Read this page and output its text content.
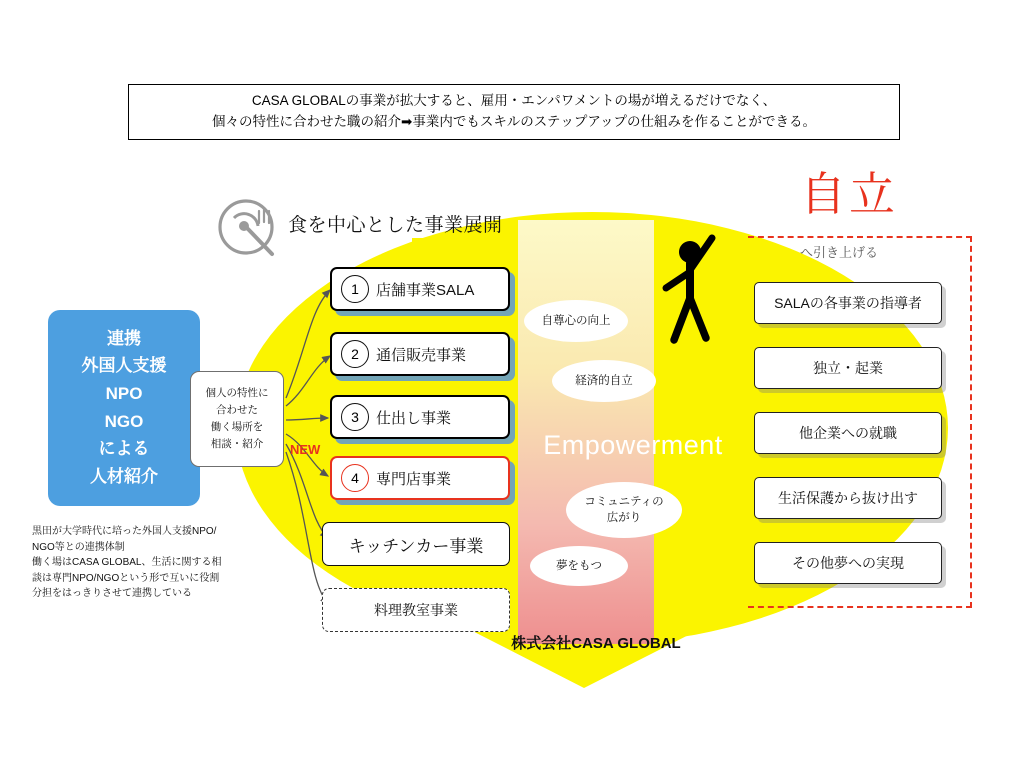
CASA GLOBALの事業が拡大すると、雇用・エンパワメントの場が増えるだけでなく、
個々の特性に合わせた職の紹介➡事業内でもスキルのステップアップの仕組みを作ることができる。
食を中心とした事業展開
連携
外国人支援
NPO
NGO
による
人材紹介
黒田が大学時代に培った外国人支援NPO/
NGO等との連携体制
働く場はCASA GLOBAL、生活に関する相
談は専門NPO/NGOという形で互いに役割
分担をはっきりさせて連携している
個人の特性に
合わせた
働く場所を
相談・紹介
1	店舗事業SALA
2	通信販売事業
3	仕出し事業
4	専門店事業
NEW
キッチンカー事業
料理教室事業
自尊心の向上
経済的自立
コミュニティの
広がり
夢をもつ
Empowerment
株式会社CASA GLOBAL
自立
へ引き上げる
SALAの各事業の指導者
独立・起業
他企業への就職
生活保護から抜け出す
その他夢への実現
